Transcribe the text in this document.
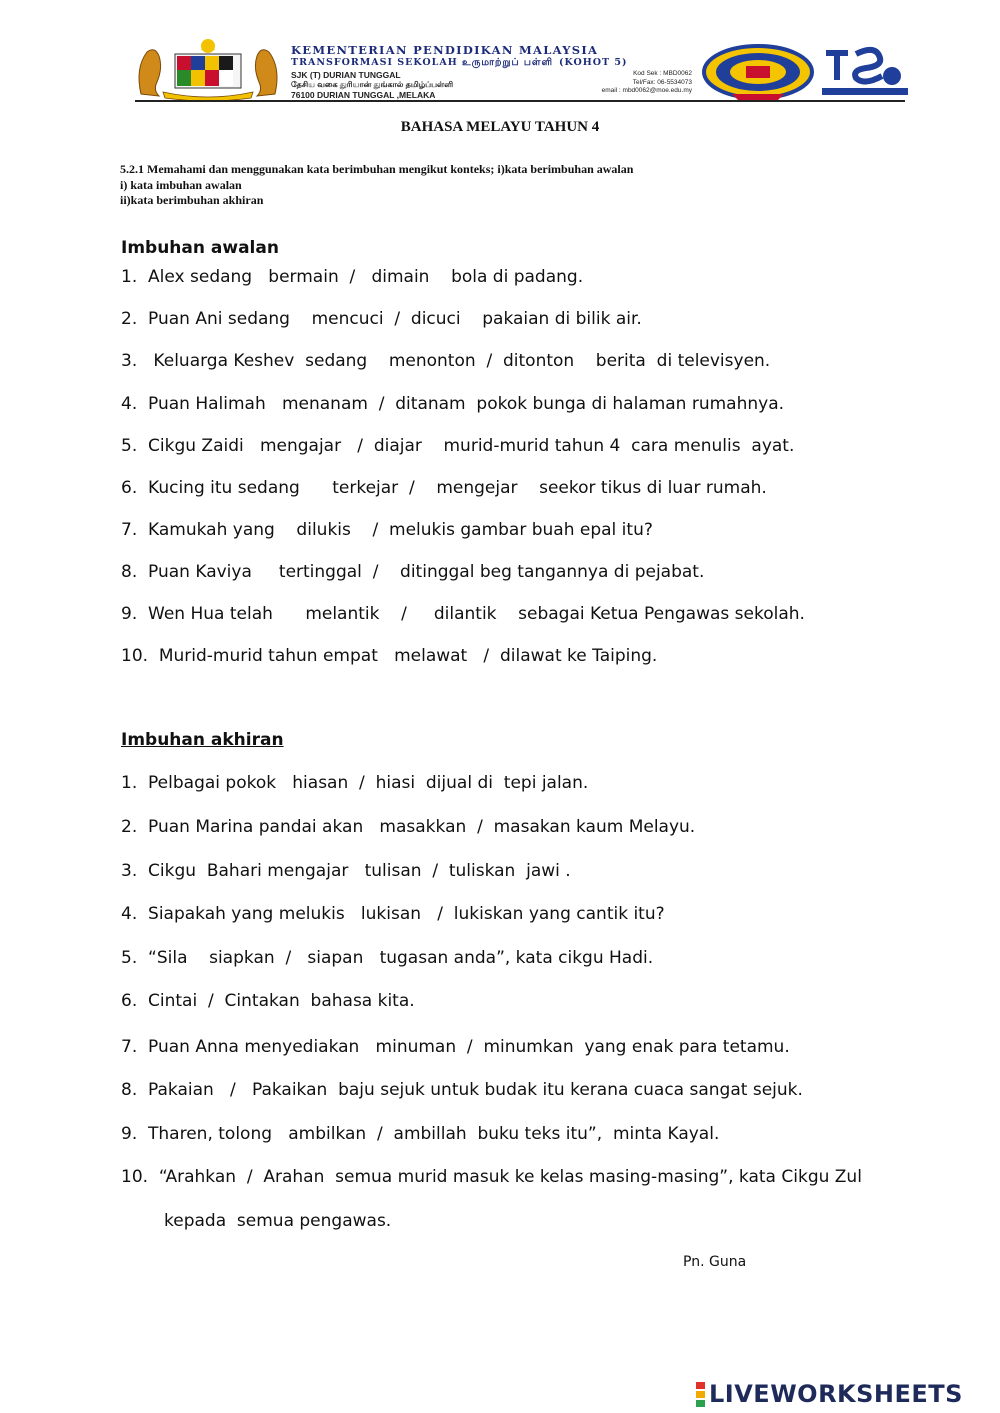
KEMENTERIAN PENDIDIKAN MALAYSIA
TRANSFORMASI SEKOLAH உருமாற்றுப் பள்ளி (KOHOT 5)
SJK (T) DURIAN TUNGGAL
தேசிய வகை துரியான் துங்கால் தமிழ்ப்பள்ளி
76100 DURIAN TUNGGAL ,MELAKA
Kod Sek : MBD0062
Tel/Fax: 06-5534073
email : mbd0062@moe.edu.my
BAHASA MELAYU TAHUN 4
5.2.1 Memahami dan menggunakan kata berimbuhan mengikut konteks; i)kata berimbuhan awalan
i) kata imbuhan awalan
ii)kata berimbuhan akhiran
Imbuhan awalan
1.  Alex sedang   bermain  /   dimain    bola di padang.
2.  Puan Ani sedang    mencuci  /  dicuci    pakaian di bilik air.
3.   Keluarga Keshev  sedang    menonton  /  ditonton    berita  di televisyen.
4.  Puan Halimah   menanam  /  ditanam  pokok bunga di halaman rumahnya.
5.  Cikgu Zaidi   mengajar   /  diajar    murid-murid tahun 4  cara menulis  ayat.
6.  Kucing itu sedang      terkejar  /    mengejar    seekor tikus di luar rumah.
7.  Kamukah yang    dilukis    /  melukis gambar buah epal itu?
8.  Puan Kaviya     tertinggal  /    ditinggal beg tangannya di pejabat.
9.  Wen Hua telah      melantik    /     dilantik    sebagai Ketua Pengawas sekolah.
10.  Murid-murid tahun empat   melawat   /  dilawat ke Taiping.
Imbuhan akhiran
1.  Pelbagai pokok   hiasan  /  hiasi  dijual di  tepi jalan.
2.  Puan Marina pandai akan   masakkan  /  masakan kaum Melayu.
3.  Cikgu  Bahari mengajar   tulisan  /  tuliskan  jawi .
4.  Siapakah yang melukis   lukisan   /  lukiskan yang cantik itu?
5.  “Sila    siapkan  /   siapan   tugasan anda”, kata cikgu Hadi.
6.  Cintai  /  Cintakan  bahasa kita.
7.  Puan Anna menyediakan   minuman  /  minumkan  yang enak para tetamu.
8.  Pakaian   /   Pakaikan  baju sejuk untuk budak itu kerana cuaca sangat sejuk.
9.  Tharen, tolong   ambilkan  /  ambillah  buku teks itu”,  minta Kayal.
10.  “Arahkan  /  Arahan  semua murid masuk ke kelas masing-masing”, kata Cikgu Zul
kepada  semua pengawas.
Pn. Guna
LIVEWORKSHEETS
